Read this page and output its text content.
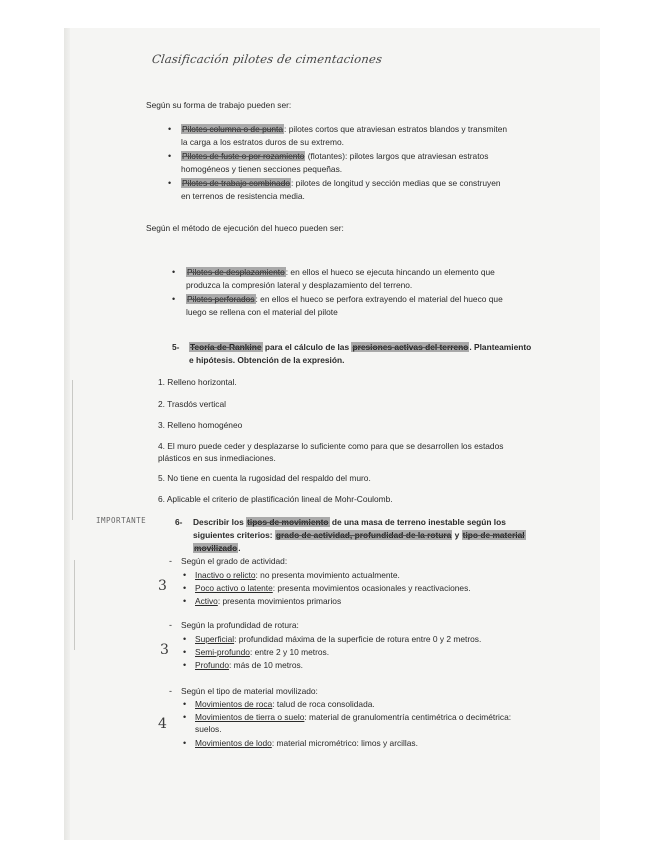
Clasificación pilotes de cimentaciones
Según su forma de trabajo pueden ser:
• Pilotes columna o de punta: pilotes cortos que atraviesan estratos blandos y transmiten
la carga a los estratos duros de su extremo.
• Pilotes de fuste o por rozamiento (flotantes): pilotes largos que atraviesan estratos
homogéneos y tienen secciones pequeñas.
• Pilotes de trabajo combinado: pilotes de longitud y sección medias que se construyen
en terrenos de resistencia media.
Según el método de ejecución del hueco pueden ser:
• Pilotes de desplazamiento: en ellos el hueco se ejecuta hincando un elemento que
produzca la compresión lateral y desplazamiento del terreno.
• Pilotes perforados: en ellos el hueco se perfora extrayendo el material del hueco que
luego se rellena con el material del pilote
5- Teoría de Rankine para el cálculo de las presiones activas del terreno. Planteamiento
e hipótesis. Obtención de la expresión.
1. Relleno horizontal.
2. Trasdós vertical
3. Relleno homogéneo
4. El muro puede ceder y desplazarse lo suficiente como para que se desarrollen los estados
plásticos en sus inmediaciones.
5. No tiene en cuenta la rugosidad del respaldo del muro.
6. Aplicable el criterio de plastificación lineal de Mohr-Coulomb.
IMPORTANTE	6- Describir los tipos de movimiento de una masa de terreno inestable según los
siguientes criterios: grado de actividad, profundidad de la rotura y tipo de material
movilizado.
- Según el grado de actividad:
3
• Inactivo o relicto: no presenta movimiento actualmente.
• Poco activo o latente: presenta movimientos ocasionales y reactivaciones.
• Activo: presenta movimientos primarios
- Según la profundidad de rotura:
3
• Superficial: profundidad máxima de la superficie de rotura entre 0 y 2 metros.
• Semi-profundo: entre 2 y 10 metros.
• Profundo: más de 10 metros.
- Según el tipo de material movilizado:
4
• Movimientos de roca: talud de roca consolidada.
• Movimientos de tierra o suelo: material de granulomentría centimétrica o decimétrica:
suelos.
• Movimientos de lodo: material micrométrico: limos y arcillas.
